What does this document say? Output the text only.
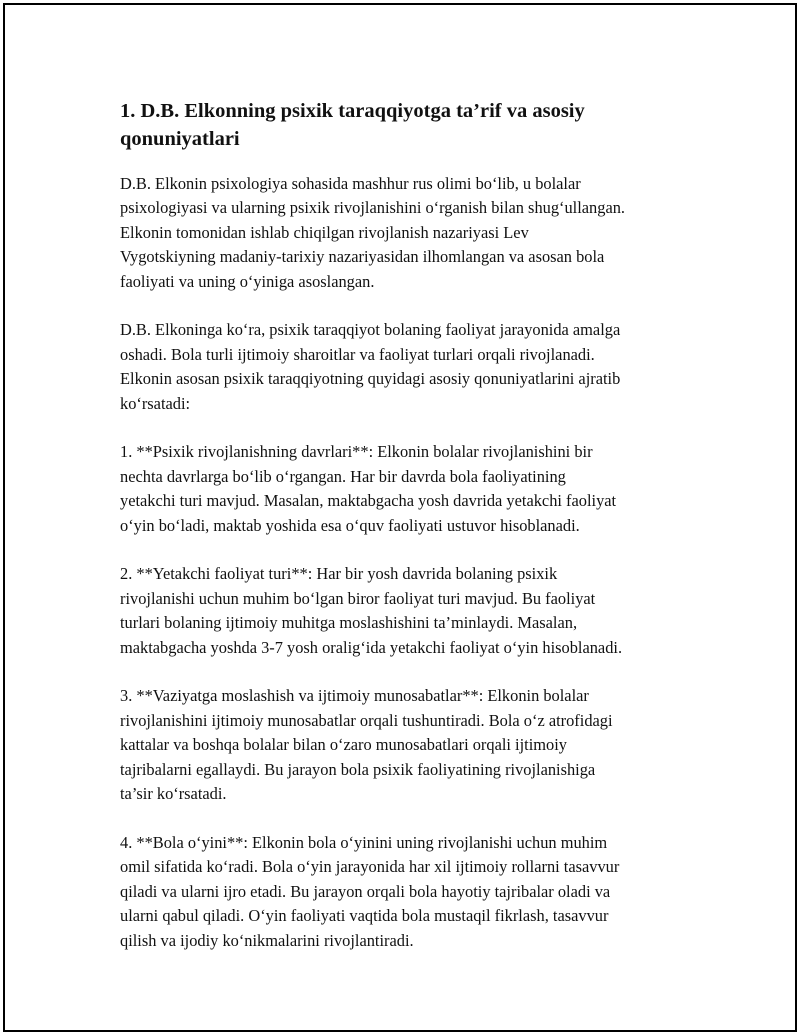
1. D.B. Elkonning psixik taraqqiyotga ta’rif va asosiy
qonuniyatlari

D.B. Elkonin psixologiya sohasida mashhur rus olimi bo‘lib, u bolalar
psixologiyasi va ularning psixik rivojlanishini o‘rganish bilan shug‘ullangan.
Elkonin tomonidan ishlab chiqilgan rivojlanish nazariyasi Lev
Vygotskiyning madaniy-tarixiy nazariyasidan ilhomlangan va asosan bola
faoliyati va uning o‘yiniga asoslangan.

D.B. Elkoninga ko‘ra, psixik taraqqiyot bolaning faoliyat jarayonida amalga
oshadi. Bola turli ijtimoiy sharoitlar va faoliyat turlari orqali rivojlanadi.
Elkonin asosan psixik taraqqiyotning quyidagi asosiy qonuniyatlarini ajratib
ko‘rsatadi:

1. **Psixik rivojlanishning davrlari**: Elkonin bolalar rivojlanishini bir
nechta davrlarga bo‘lib o‘rgangan. Har bir davrda bola faoliyatining
yetakchi turi mavjud. Masalan, maktabgacha yosh davrida yetakchi faoliyat
o‘yin bo‘ladi, maktab yoshida esa o‘quv faoliyati ustuvor hisoblanadi.

2. **Yetakchi faoliyat turi**: Har bir yosh davrida bolaning psixik
rivojlanishi uchun muhim bo‘lgan biror faoliyat turi mavjud. Bu faoliyat
turlari bolaning ijtimoiy muhitga moslashishini ta’minlaydi. Masalan,
maktabgacha yoshda 3-7 yosh oralig‘ida yetakchi faoliyat o‘yin hisoblanadi.

3. **Vaziyatga moslashish va ijtimoiy munosabatlar**: Elkonin bolalar
rivojlanishini ijtimoiy munosabatlar orqali tushuntiradi. Bola o‘z atrofidagi
kattalar va boshqa bolalar bilan o‘zaro munosabatlari orqali ijtimoiy
tajribalarni egallaydi. Bu jarayon bola psixik faoliyatining rivojlanishiga
ta’sir ko‘rsatadi.

4. **Bola o‘yini**: Elkonin bola o‘yinini uning rivojlanishi uchun muhim
omil sifatida ko‘radi. Bola o‘yin jarayonida har xil ijtimoiy rollarni tasavvur
qiladi va ularni ijro etadi. Bu jarayon orqali bola hayotiy tajribalar oladi va
ularni qabul qiladi. O‘yin faoliyati vaqtida bola mustaqil fikrlash, tasavvur
qilish va ijodiy ko‘nikmalarini rivojlantiradi.
